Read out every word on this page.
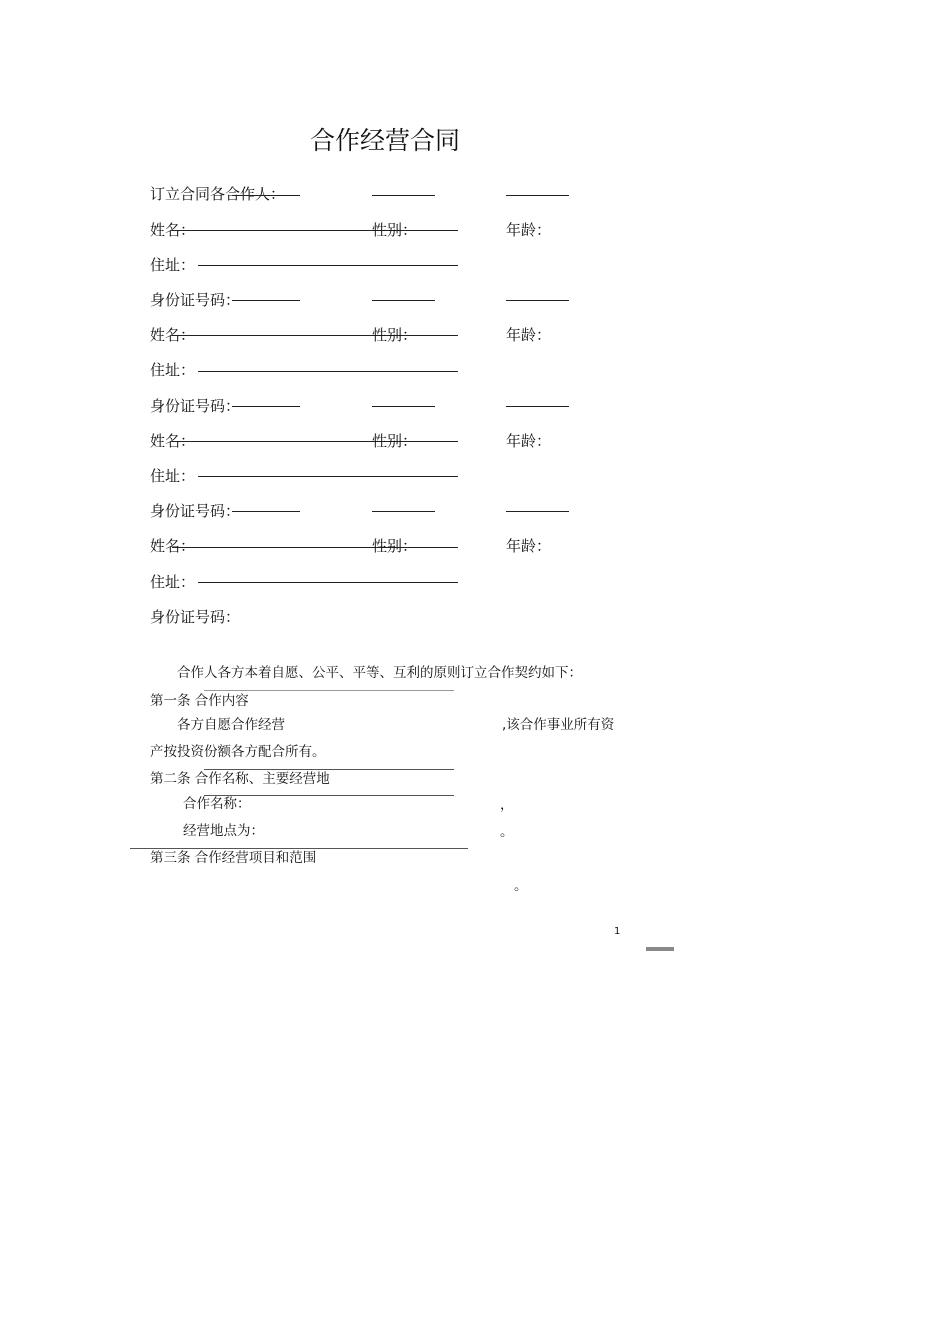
合作经营合同
订立合同各合作人：
姓名：	性别：	年龄：
住址：
身份证号码：
姓名：	性别：	年龄：
住址：
身份证号码：
姓名：	性别：	年龄：
住址：
身份证号码：
姓名：	性别：	年龄：
住址：
身份证号码：
合作人各方本着自愿、公平、平等、互利的原则订立合作契约如下：
第一条 合作内容
各方自愿合作经营	,该合作事业所有资
产按投资份额各方配合所有。
第二条 合作名称、主要经营地
合作名称：	，
经营地点为：	。
第三条 合作经营项目和范围
。
1
